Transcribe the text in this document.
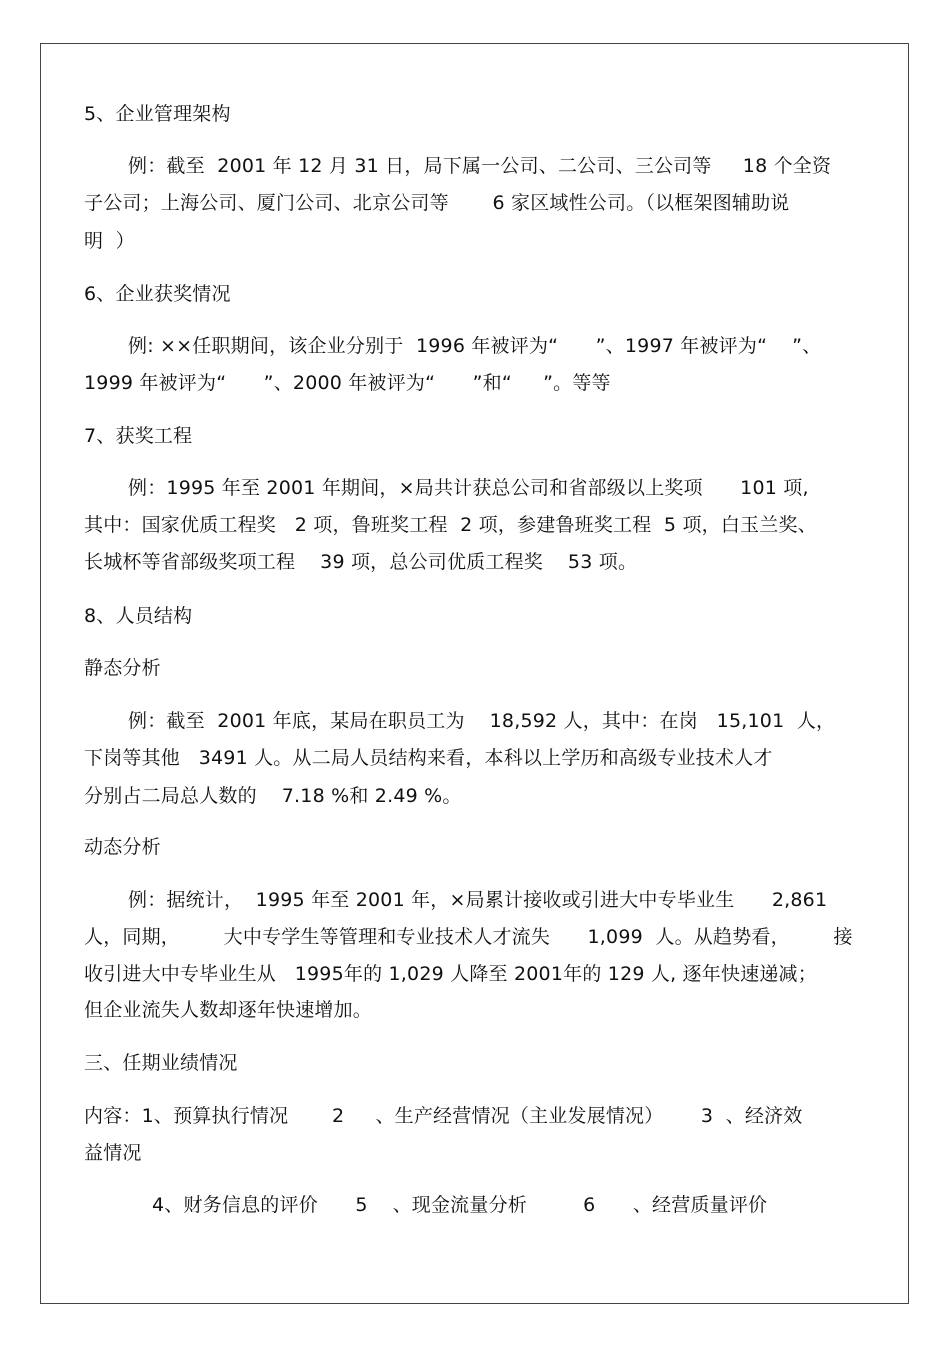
5、企业管理架构
例：截至  2001 年 12 月 31 日，局下属一公司、二公司、三公司等     18 个全资
子公司；上海公司、厦门公司、北京公司等       6 家区域性公司。（以框架图辅助说
明  ）
6、企业获奖情况
例: ××任职期间，该企业分别于  1996 年被评为“      ”、1997 年被评为“    ”、
1999 年被评为“      ”、2000 年被评为“      ”和“     ”。等等
7、获奖工程
例：1995 年至 2001 年期间，×局共计获总公司和省部级以上奖项      101 项,
其中：国家优质工程奖   2 项，鲁班奖工程  2 项，参建鲁班奖工程  5 项，白玉兰奖、
长城杯等省部级奖项工程    39 项，总公司优质工程奖    53 项。
8、人员结构
静态分析
例：截至  2001 年底，某局在职员工为    18,592 人，其中：在岗   15,101  人，
下岗等其他   3491 人。从二局人员结构来看，本科以上学历和高级专业技术人才
分别占二局总人数的    7.18 %和 2.49 %。
动态分析
例：据统计，  1995 年至 2001 年，×局累计接收或引进大中专毕业生      2,861
人，同期，       大中专学生等管理和专业技术人才流失      1,099  人。从趋势看，       接
收引进大中专毕业生从   1995年的 1,029 人降至 2001年的 129 人, 逐年快速递减；
但企业流失人数却逐年快速增加。
三、任期业绩情况
内容：1、预算执行情况       2     、生产经营情况（主业发展情况）      3  、经济效
益情况
4、财务信息的评价      5    、现金流量分析         6      、经营质量评价
